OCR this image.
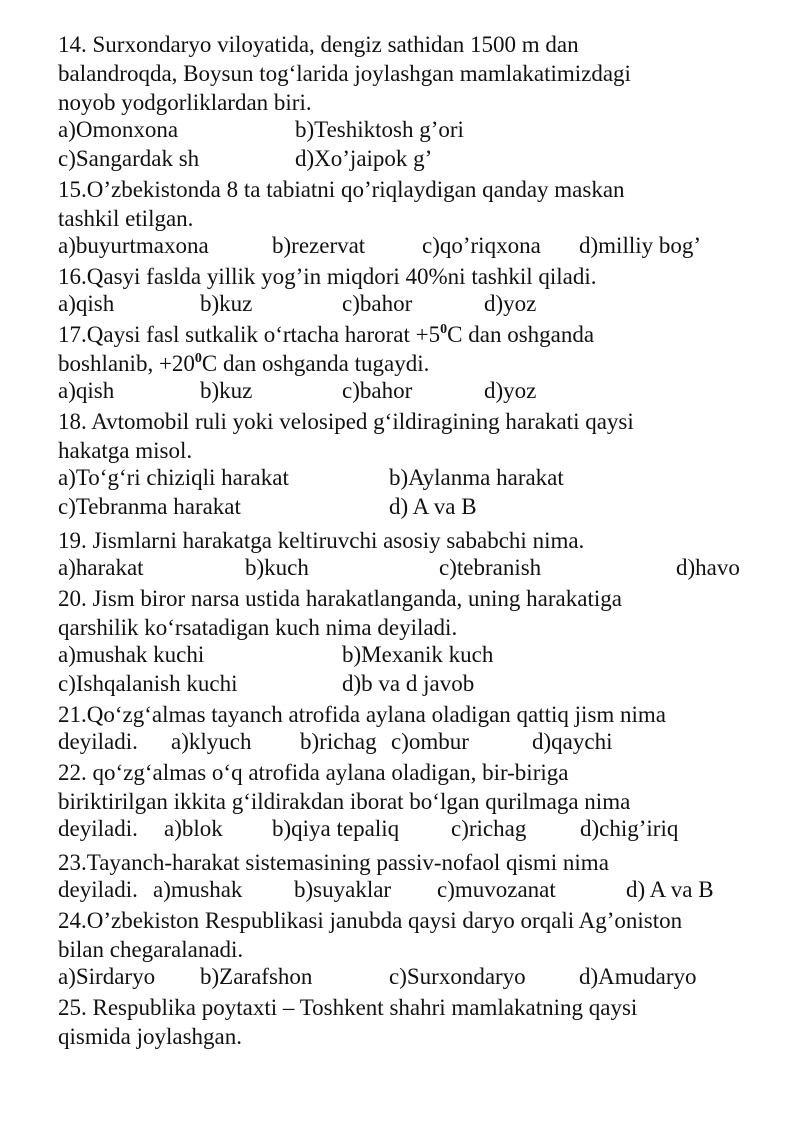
14. Surxondaryo viloyatida, dengiz sathidan 1500 m dan
balandroqda, Boysun tog‘larida joylashgan mamlakatimizdagi
noyob yodgorliklardan biri.
a)Omonxona	b)Teshiktosh g’ori
c)Sangardak sh	d)Xo’jaipok g’
15.O’zbekistonda 8 ta tabiatni qo’riqlaydigan qanday maskan
tashkil etilgan.
a)buyurtmaxona	b)rezervat c)qo’riqxona d)milliy bog’
16.Qasyi faslda yillik yog’in miqdori 40%ni tashkil qiladi.
a)qish	b)kuz	c)bahor	d)yoz
17.Qaysi fasl sutkalik o‘rtacha harorat $+5^0C$ dan oshganda
boshlanib, $+20^0C$ dan oshganda tugaydi.
a)qish	b)kuz	c)bahor	d)yoz
18. Avtomobil ruli yoki velosiped g‘ildiragining harakati qaysi
hakatga misol.
a)To‘g‘ri chiziqli harakat	b)Aylanma harakat
c)Tebranma harakat	d) A va B
19. Jismlarni harakatga keltiruvchi asosiy sababchi nima.
a)harakat	b)kuch	c)tebranish	d)havo
20. Jism biror narsa ustida harakatlanganda, uning harakatiga
qarshilik ko‘rsatadigan kuch nima deyiladi.
a)mushak kuchi	b)Mexanik kuch
c)Ishqalanish kuchi	d)b va d javob
21.Qo‘zg‘almas tayanch atrofida aylana oladigan qattiq jism nima
deyiladi. a)klyuch b)richag c)ombur	d)qaychi
22. qo‘zg‘almas o‘q atrofida aylana oladigan, bir-biriga
biriktirilgan ikkita g‘ildirakdan iborat bo‘lgan qurilmaga nima
deyiladi. a)blok b)qiya tepaliq c)richag d)chig’iriq
23.Tayanch-harakat sistemasining passiv-nofaol qismi nima
deyiladi. a)mushak b)suyaklar c)muvozanat	d) A va B
24.O’zbekiston Respublikasi janubda qaysi daryo orqali Ag’oniston
bilan chegaralanadi.
a)Sirdaryo b)Zarafshon	c)Surxondaryo d)Amudaryo
25. Respublika poytaxti – Toshkent shahri mamlakatning qaysi
qismida joylashgan.
